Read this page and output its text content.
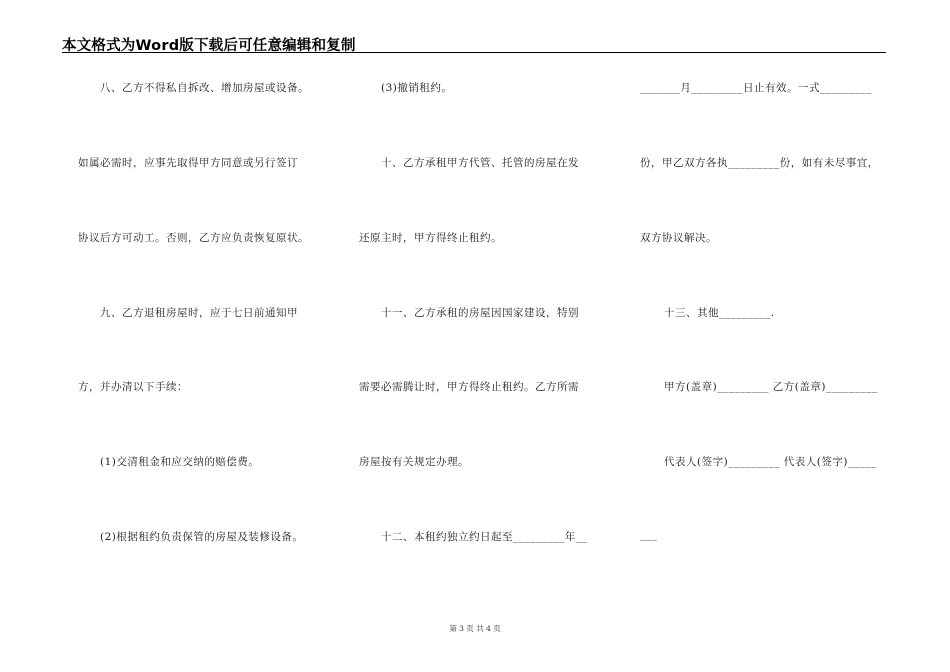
本文格式为Word版下载后可任意编辑和复制
八、乙方不得私自拆改、增加房屋或设备。
如属必需时，应事先取得甲方同意或另行签订
协议后方可动工。否则，乙方应负责恢复原状。
九、乙方退租房屋时，应于七日前通知甲
方，并办清以下手续：
(1)交清租金和应交纳的赔偿费。
(2)根据租约负责保管的房屋及装修设备。
(3)撤销租约。
十、乙方承租甲方代管、托管的房屋在发
还原主时，甲方得终止租约。
十一、乙方承租的房屋因国家建设，特别
需要必需腾让时，甲方得终止租约。乙方所需
房屋按有关规定办理。
十二、本租约独立约日起至_________年__
_______月_________日止有效。一式_________
份，甲乙双方各执_________份，如有未尽事宜，
双方协议解决。
十三、其他_________.
甲方(盖章)_________ 乙方(盖章)_________
代表人(签字)_________ 代表人(签字)_____
___
第 3 页 共 4 页
